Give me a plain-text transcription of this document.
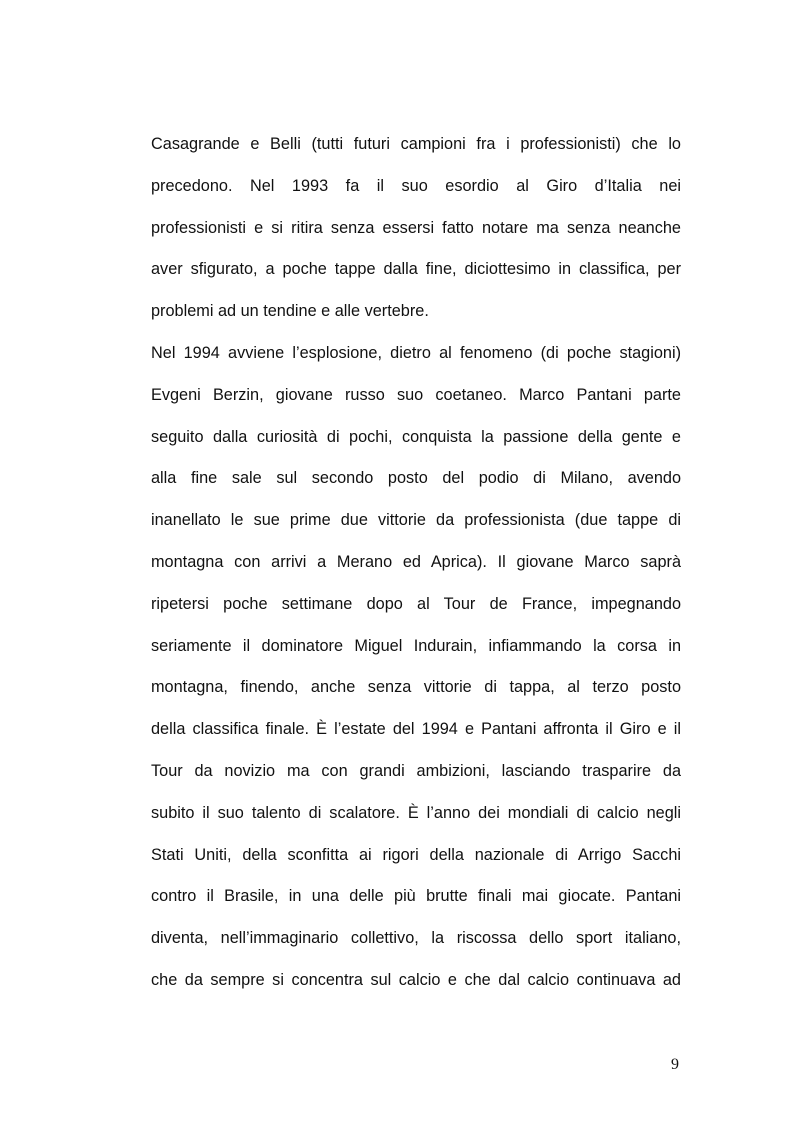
Casagrande e Belli (tutti futuri campioni fra i professionisti) che lo
precedono. Nel 1993 fa il suo esordio al Giro d’Italia nei
professionisti e si ritira senza essersi fatto notare ma senza neanche
aver sfigurato, a poche tappe dalla fine, diciottesimo in classifica, per
problemi ad un tendine e alle vertebre.
Nel 1994 avviene l’esplosione, dietro al fenomeno (di poche stagioni)
Evgeni Berzin, giovane russo suo coetaneo. Marco Pantani parte
seguito dalla curiosità di pochi, conquista la passione della gente e
alla fine sale sul secondo posto del podio di Milano, avendo
inanellato le sue prime due vittorie da professionista (due tappe di
montagna con arrivi a Merano ed Aprica). Il giovane Marco saprà
ripetersi poche settimane dopo al Tour de France, impegnando
seriamente il dominatore Miguel Indurain, infiammando la corsa in
montagna, finendo, anche senza vittorie di tappa, al terzo posto
della classifica finale. È l’estate del 1994 e Pantani affronta il Giro e il
Tour da novizio ma con grandi ambizioni, lasciando trasparire da
subito il suo talento di scalatore. È l’anno dei mondiali di calcio negli
Stati Uniti, della sconfitta ai rigori della nazionale di Arrigo Sacchi
contro il Brasile, in una delle più brutte finali mai giocate. Pantani
diventa, nell’immaginario collettivo, la riscossa dello sport italiano,
che da sempre si concentra sul calcio e che dal calcio continuava ad
9
